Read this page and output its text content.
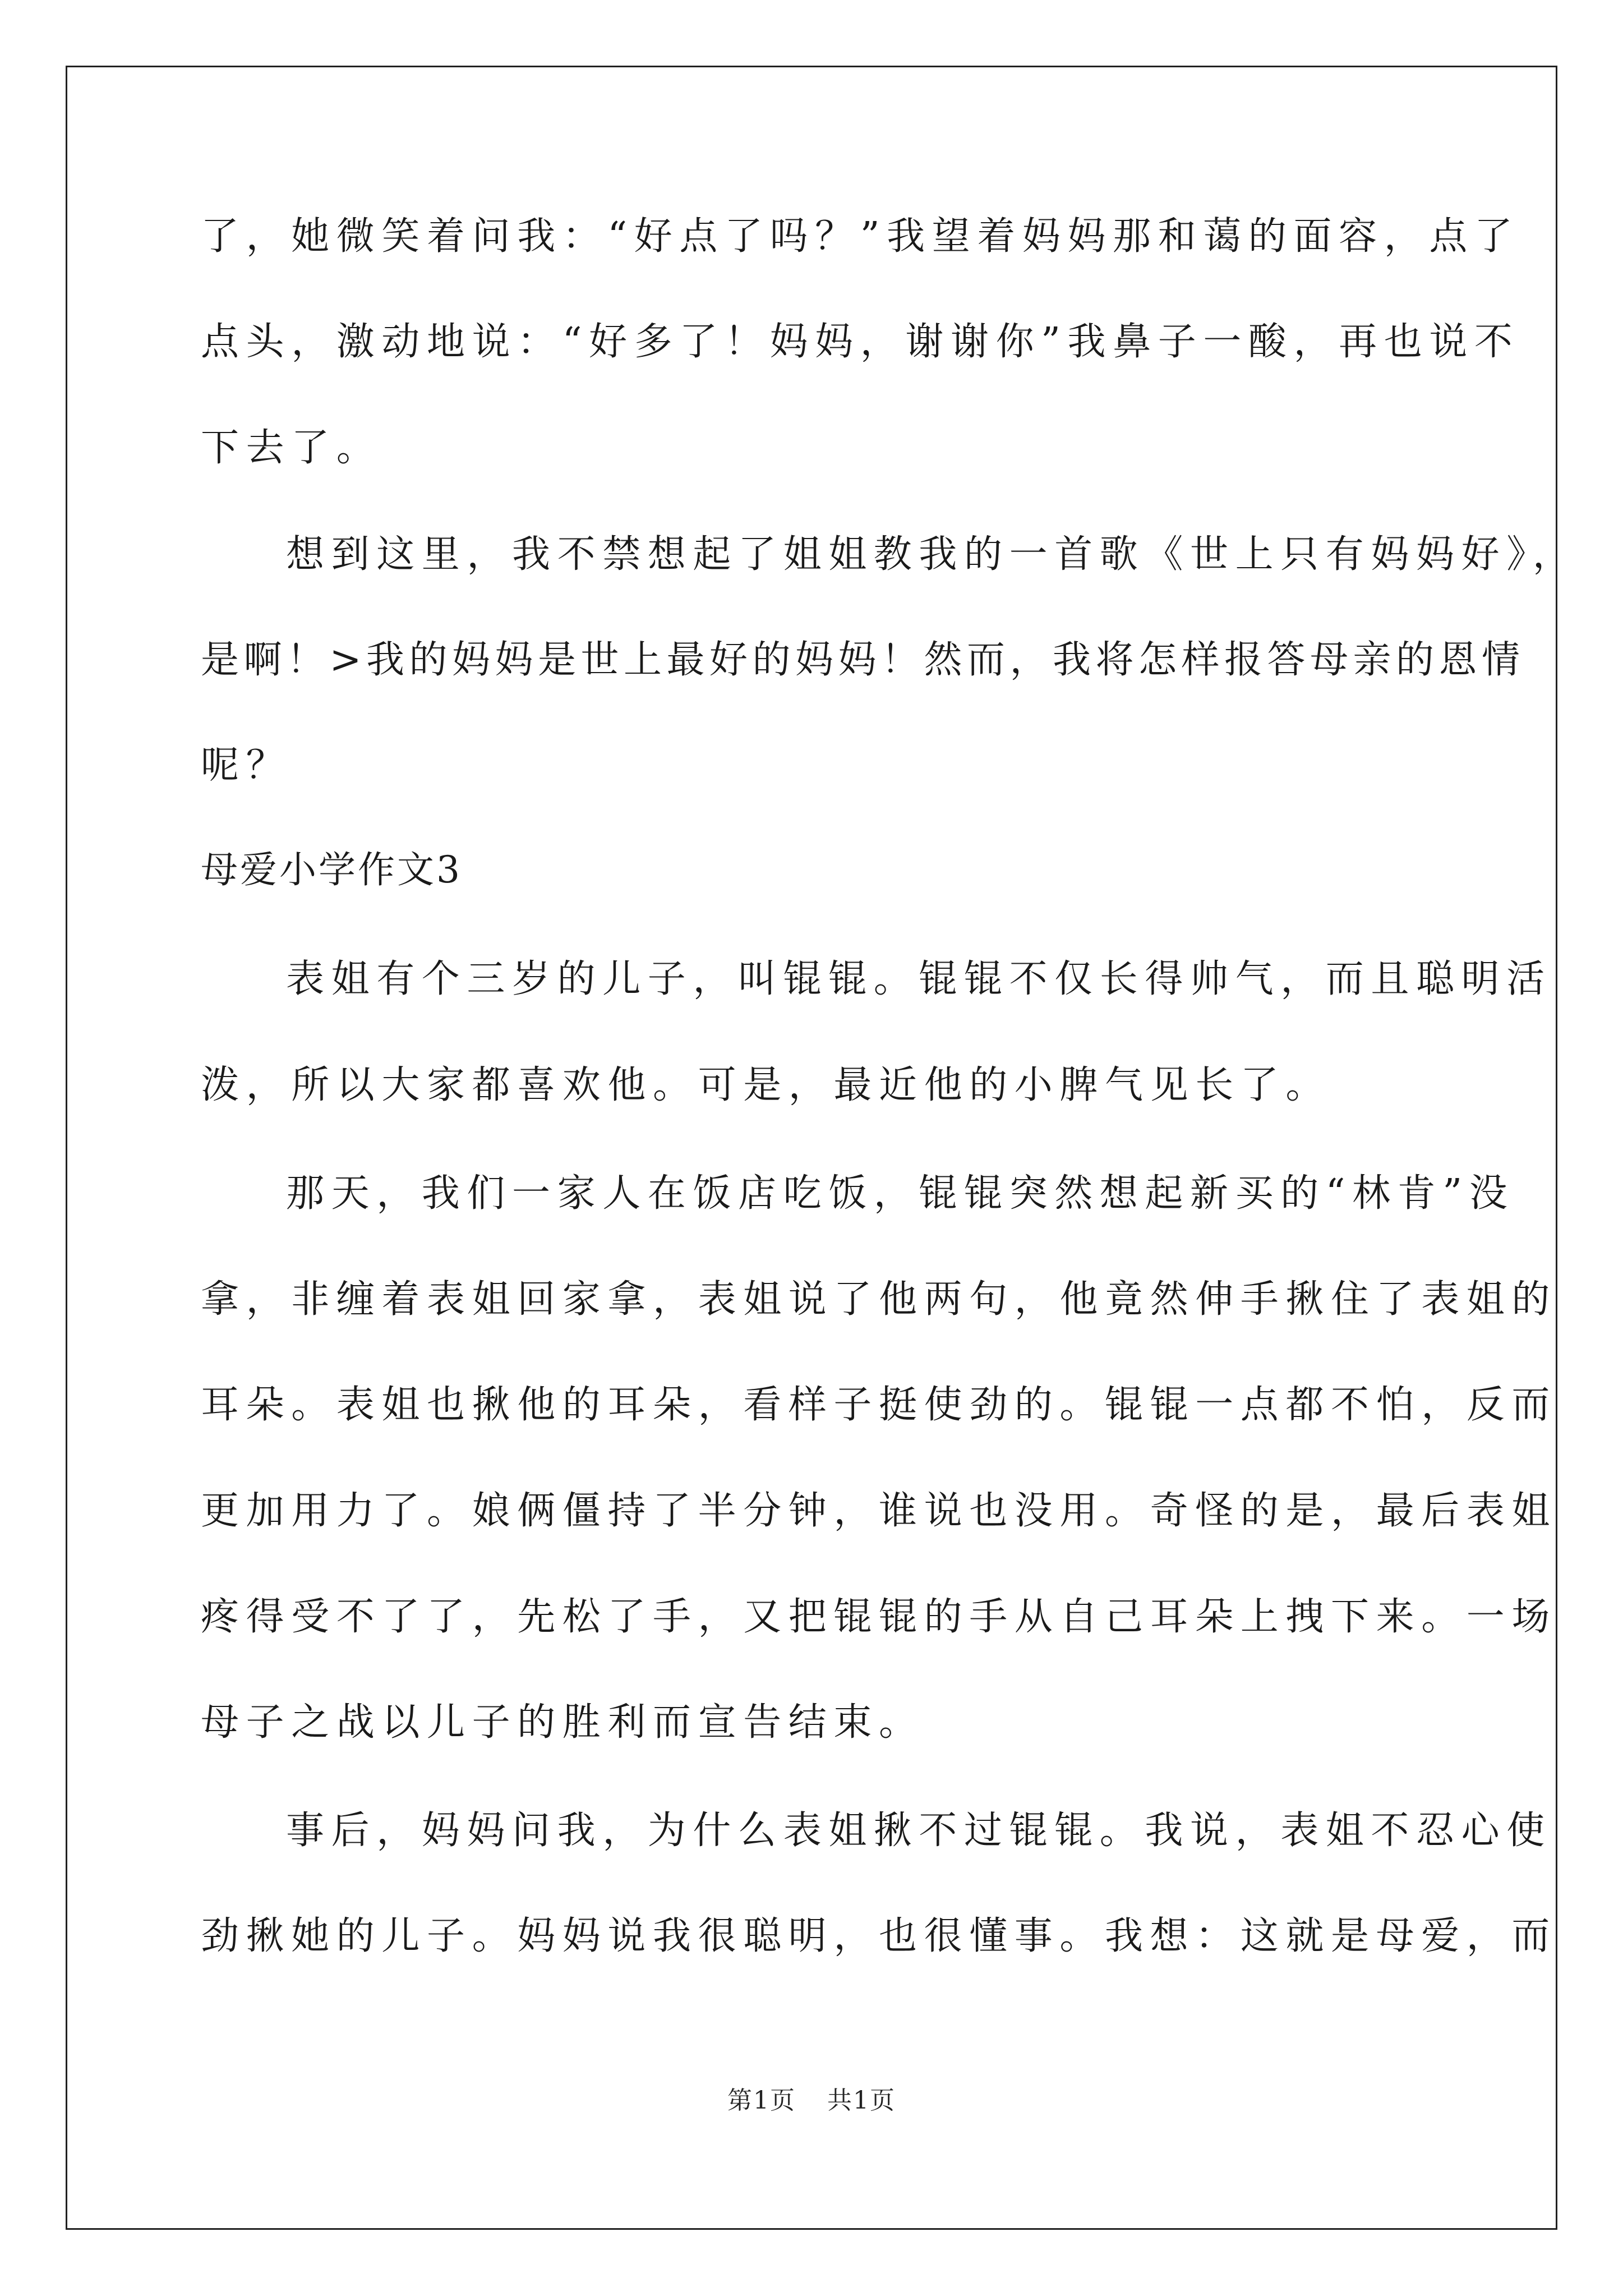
了，她微笑着问我：“好点了吗？”我望着妈妈那和蔼的面容，点了
点头，激动地说：“好多了！妈妈，谢谢你”我鼻子一酸，再也说不
下去了。
想到这里，我不禁想起了姐姐教我的一首歌《世上只有妈妈好》，
是啊！>我的妈妈是世上最好的妈妈！然而，我将怎样报答母亲的恩情
呢？
母爱小学作文3
表姐有个三岁的儿子，叫锟锟。锟锟不仅长得帅气，而且聪明活
泼，所以大家都喜欢他。可是，最近他的小脾气见长了。
那天，我们一家人在饭店吃饭，锟锟突然想起新买的“林肯”没
拿，非缠着表姐回家拿，表姐说了他两句，他竟然伸手揪住了表姐的
耳朵。表姐也揪他的耳朵，看样子挺使劲的。锟锟一点都不怕，反而
更加用力了。娘俩僵持了半分钟，谁说也没用。奇怪的是，最后表姐
疼得受不了了，先松了手，又把锟锟的手从自己耳朵上拽下来。一场
母子之战以儿子的胜利而宣告结束。
事后，妈妈问我，为什么表姐揪不过锟锟。我说，表姐不忍心使
劲揪她的儿子。妈妈说我很聪明，也很懂事。我想：这就是母爱，而
第1页 共1页
